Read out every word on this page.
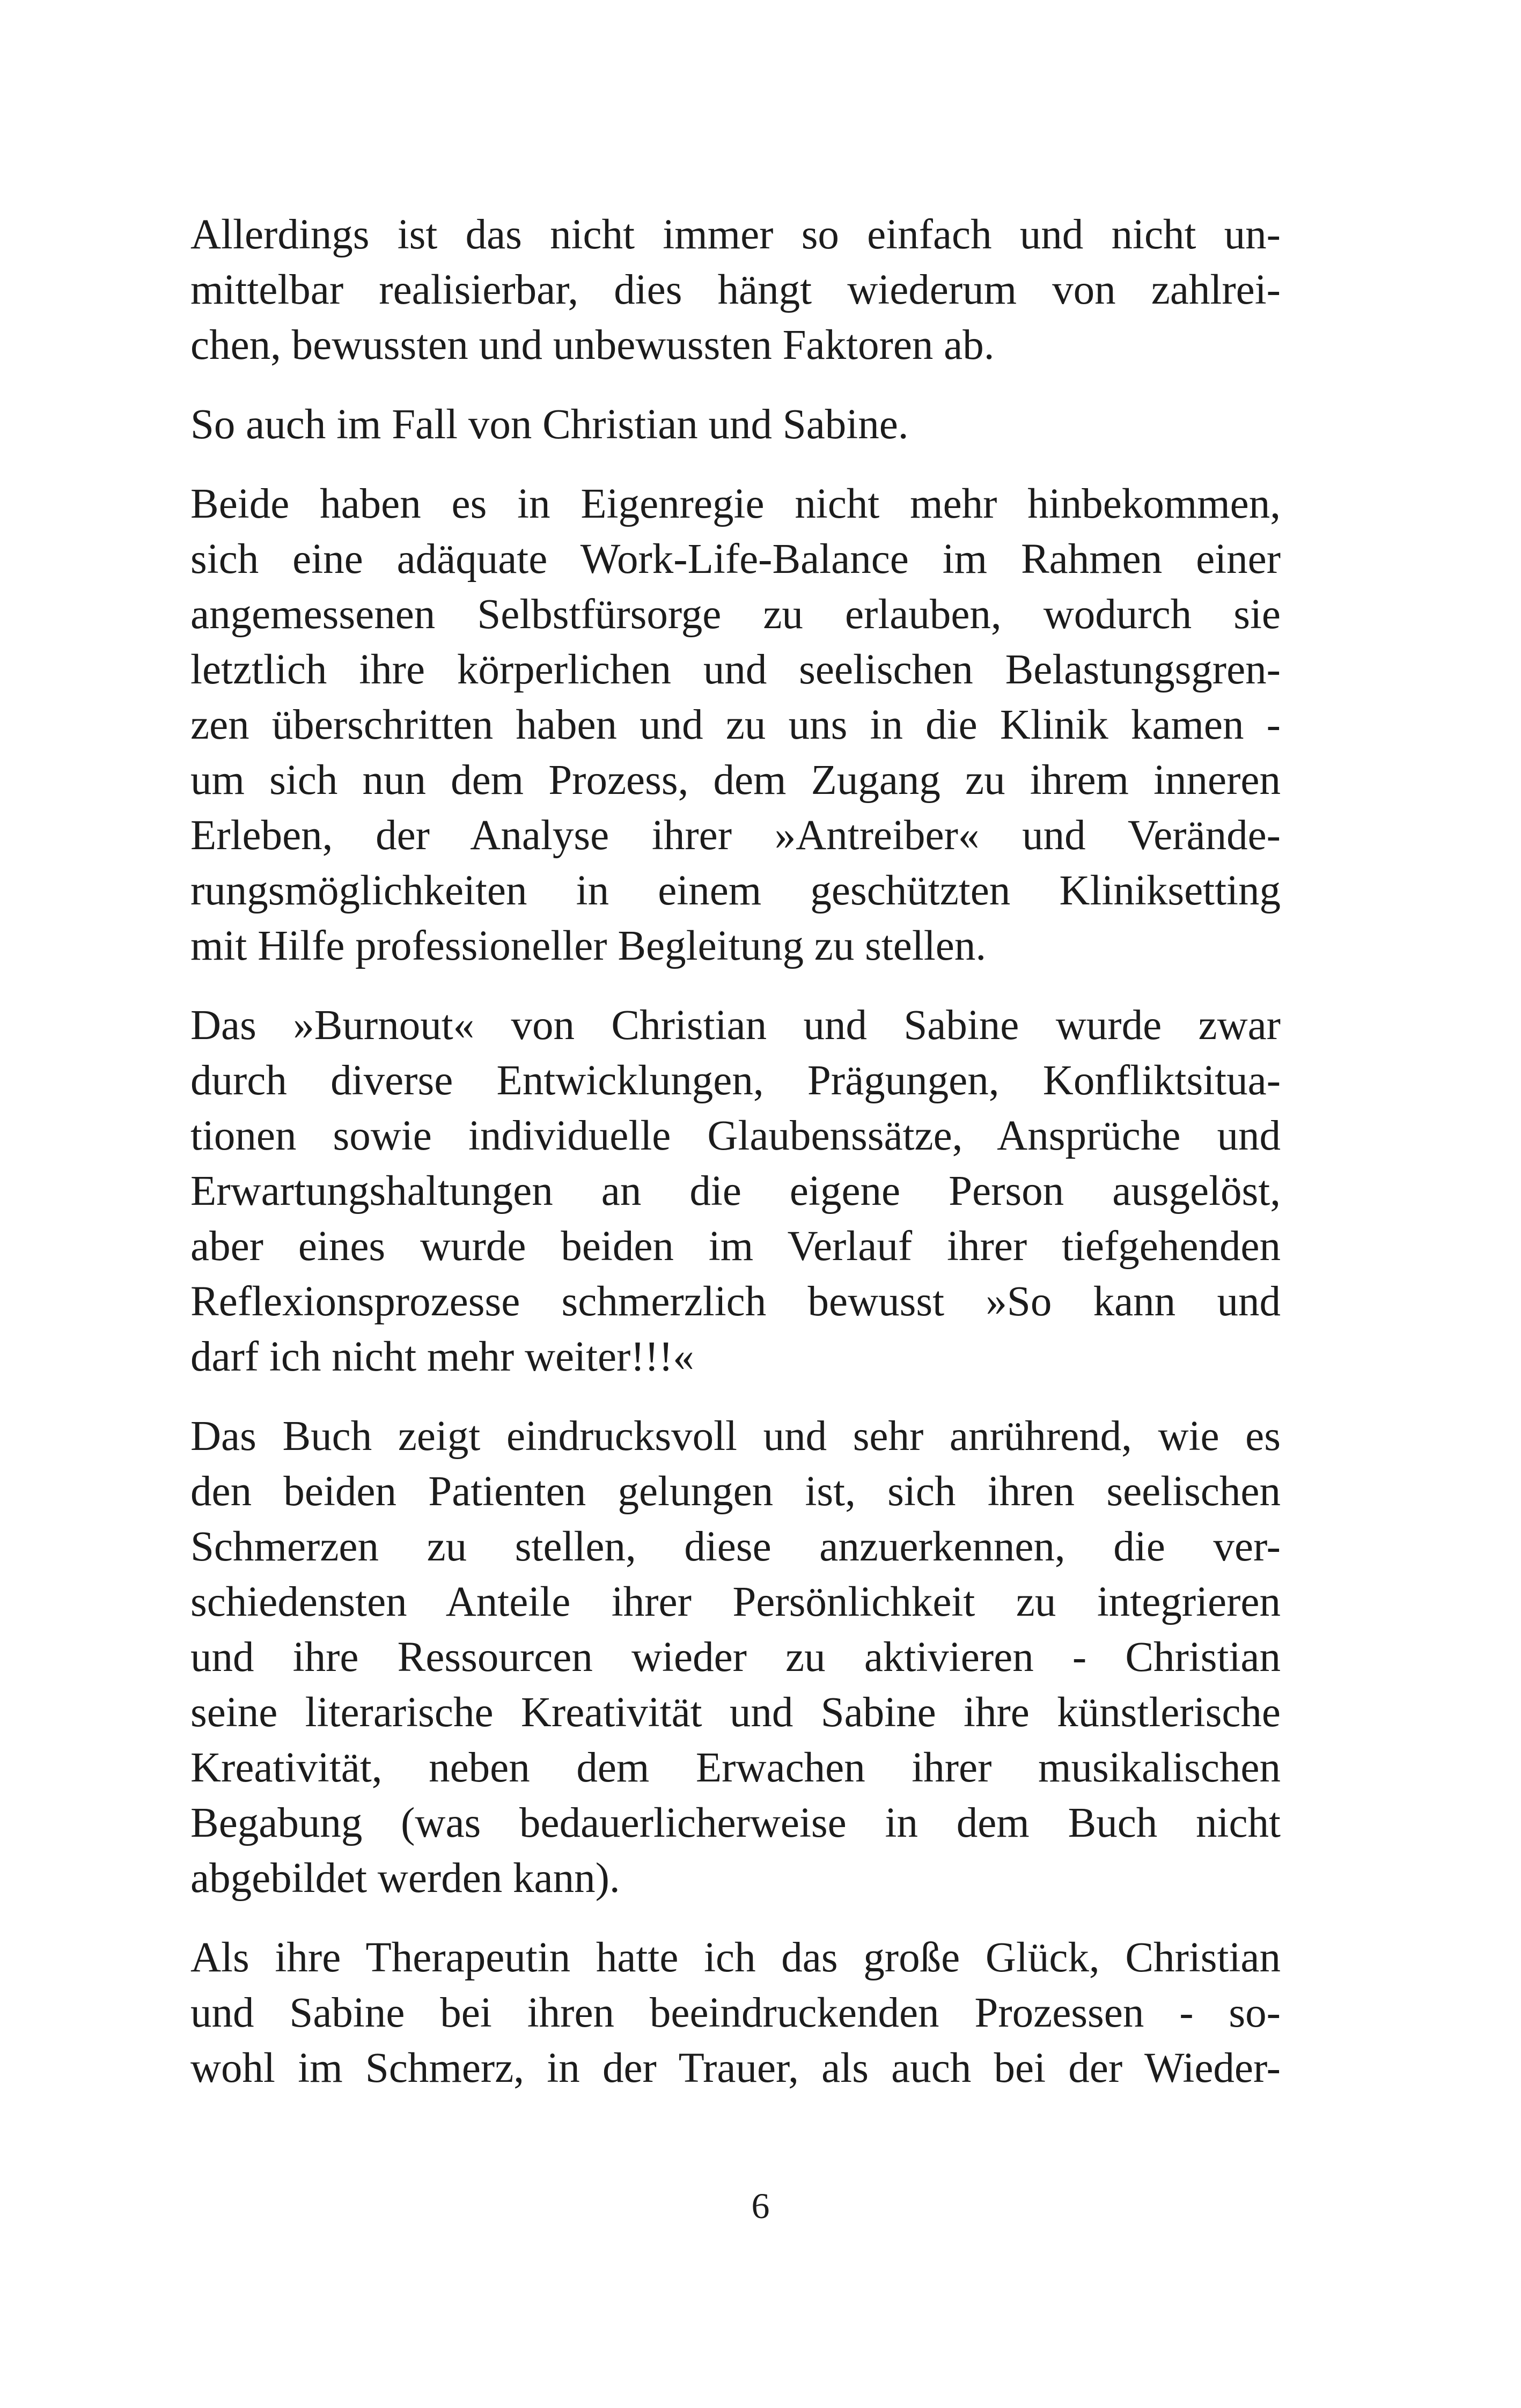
Allerdings ist das nicht immer so einfach und nicht un-
mittelbar realisierbar, dies hängt wiederum von zahlrei-
chen, bewussten und unbewussten Faktoren ab.
So auch im Fall von Christian und Sabine.
Beide haben es in Eigenregie nicht mehr hinbekommen,
sich eine adäquate Work-Life-Balance im Rahmen einer
angemessenen Selbstfürsorge zu erlauben, wodurch sie
letztlich ihre körperlichen und seelischen Belastungsgren-
zen überschritten haben und zu uns in die Klinik kamen -
um sich nun dem Prozess, dem Zugang zu ihrem inneren
Erleben, der Analyse ihrer »Antreiber« und Verände-
rungsmöglichkeiten in einem geschützten Kliniksetting
mit Hilfe professioneller Begleitung zu stellen.
Das »Burnout« von Christian und Sabine wurde zwar
durch diverse Entwicklungen, Prägungen, Konfliktsitua-
tionen sowie individuelle Glaubenssätze, Ansprüche und
Erwartungshaltungen an die eigene Person ausgelöst,
aber eines wurde beiden im Verlauf ihrer tiefgehenden
Reflexionsprozesse schmerzlich bewusst »So kann und
darf ich nicht mehr weiter!!!«
Das Buch zeigt eindrucksvoll und sehr anrührend, wie es
den beiden Patienten gelungen ist, sich ihren seelischen
Schmerzen zu stellen, diese anzuerkennen, die ver-
schiedensten Anteile ihrer Persönlichkeit zu integrieren
und ihre Ressourcen wieder zu aktivieren - Christian
seine literarische Kreativität und Sabine ihre künstlerische
Kreativität, neben dem Erwachen ihrer musikalischen
Begabung (was bedauerlicherweise in dem Buch nicht
abgebildet werden kann).
Als ihre Therapeutin hatte ich das große Glück, Christian
und Sabine bei ihren beeindruckenden Prozessen - so-
wohl im Schmerz, in der Trauer, als auch bei der Wieder-
6
